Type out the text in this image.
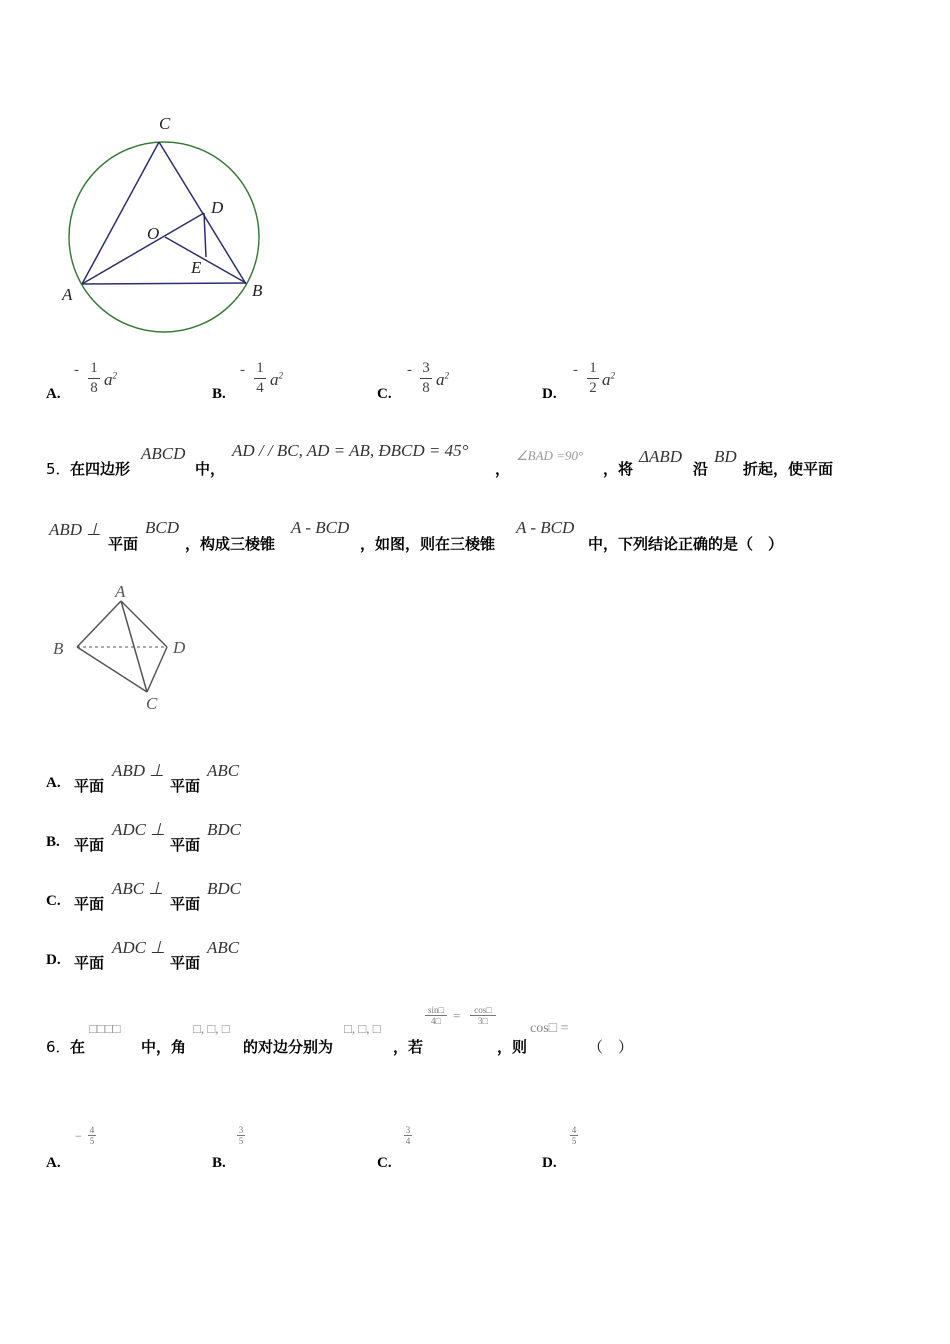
C
D
O
E
A	B
A.
- 1
8 $a^2$
B.
- 1
4 $a^2$
C.
- 3
8 $a^2$
D.
- 1
2 $a^2$
5． 在四边形
ABCD
中，
AD / / BC, AD = AB, ÐBCD = 45°
，
∠BAD =90°
，将
ΔABD
沿
BD
折起，使平面
ABD ⊥
平面
BCD
，构成三棱锥
A - BCD
，如图，则在三棱锥
A - BCD
中，下列结论正确的是（　）
A
B	D
C
A. 平面
ABD ⊥
平面
ABC
B. 平面
ADC ⊥
平面
BDC
C. 平面
ABC ⊥
平面
BDC
D. 平面
ADC ⊥
平面
ABC
6． 在
□□□□
中，角
□, □, □
的对边分别为
□, □, □
，若
sin□
4□ =	cos□
3□
，则
cos□ =
（　）
A.
− 4
5
B.
3
5
C.
3
4
D.
4
5
